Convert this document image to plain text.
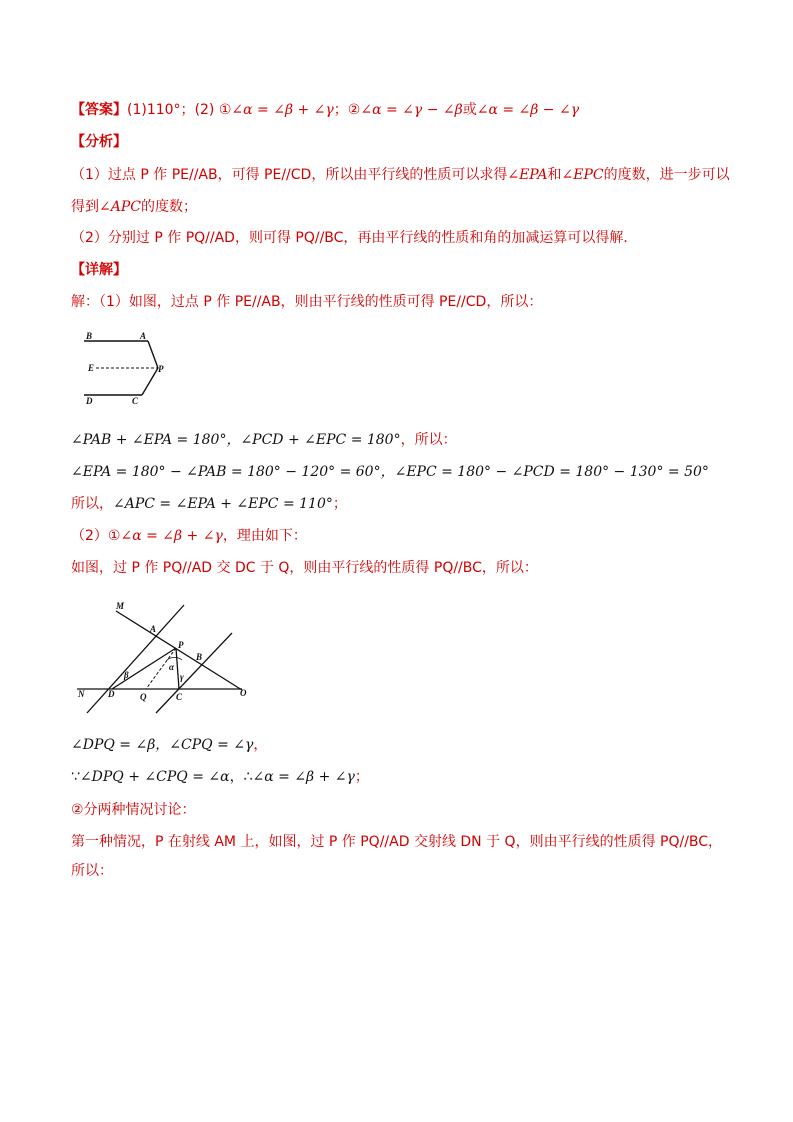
【答案】(1)110°；(2) ①∠α = ∠β + ∠γ；②∠α = ∠γ − ∠β或∠α = ∠β − ∠γ
【分析】
（1）过点 P 作 PE//AB，可得 PE//CD，所以由平行线的性质可以求得∠EPA和∠EPC的度数，进一步可以
得到∠APC的度数；
（2）分别过 P 作 PQ//AD，则可得 PQ//BC，再由平行线的性质和角的加减运算可以得解．
【详解】
解：（1）如图，过点 P 作 PE//AB，则由平行线的性质可得 PE//CD，所以：
B	A
E	P
D	C
∠PAB + ∠EPA = 180°，∠PCD + ∠EPC = 180°，所以：
∠EPA = 180° − ∠PAB = 180° − 120° = 60°，∠EPC = 180° − ∠PCD = 180° − 130° = 50°
所以，∠APC = ∠EPA + ∠EPC = 110°；
（2）①∠α = ∠β + ∠γ，理由如下：
如图，过 P 作 PQ//AD 交 DC 于 Q，则由平行线的性质得 PQ//BC，所以：
M
A
P
B
N	D	Q	C	O
β
α
γ
∠DPQ = ∠β，∠CPQ = ∠γ，
∵∠DPQ + ∠CPQ = ∠α，∴∠α = ∠β + ∠γ；
②分两种情况讨论：
第一种情况，P 在射线 AM 上，如图，过 P 作 PQ//AD 交射线 DN 于 Q，则由平行线的性质得 PQ//BC，所以：
